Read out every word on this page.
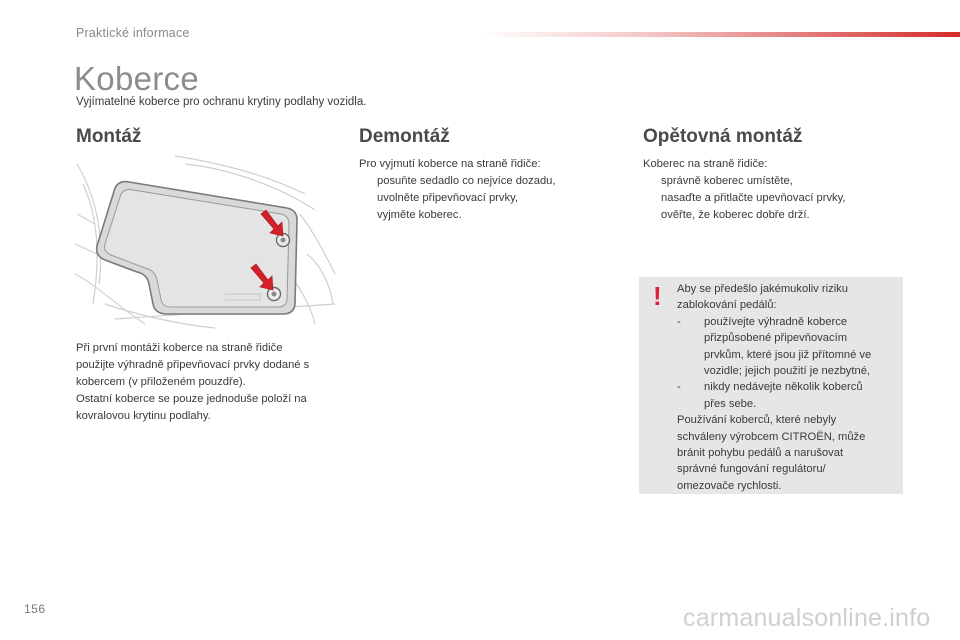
Praktické informace
Koberce
Vyjímatelné koberce pro ochranu krytiny podlahy vozidla.
Montáž
Při první montáži koberce na straně řidiče
použijte výhradně připevňovací prvky dodané s
kobercem (v přiloženém pouzdře).
Ostatní koberce se pouze jednoduše položí na
kovralovou krytinu podlahy.
Demontáž
Pro vyjmutí koberce na straně řidiče:
posuňte sedadlo co nejvíce dozadu,
uvolněte připevňovací prvky,
vyjměte koberec.
Opětovná montáž
Koberec na straně řidiče:
správně koberec umístěte,
nasaďte a přitlačte upevňovací prvky,
ověřte, že koberec dobře drží.
! Aby se předešlo jakémukoliv riziku
zablokování pedálů:
- používejte výhradně koberce
přizpůsobené připevňovacím
prvkům, které jsou již přítomné ve
vozidle; jejich použití je nezbytné,
- nikdy nedávejte několik koberců
přes sebe.
Používání koberců, které nebyly
schváleny výrobcem CITROËN, může
bránit pohybu pedálů a narušovat
správné fungování regulátoru/
omezovače rychlosti.
156	carmanualsonline.info
